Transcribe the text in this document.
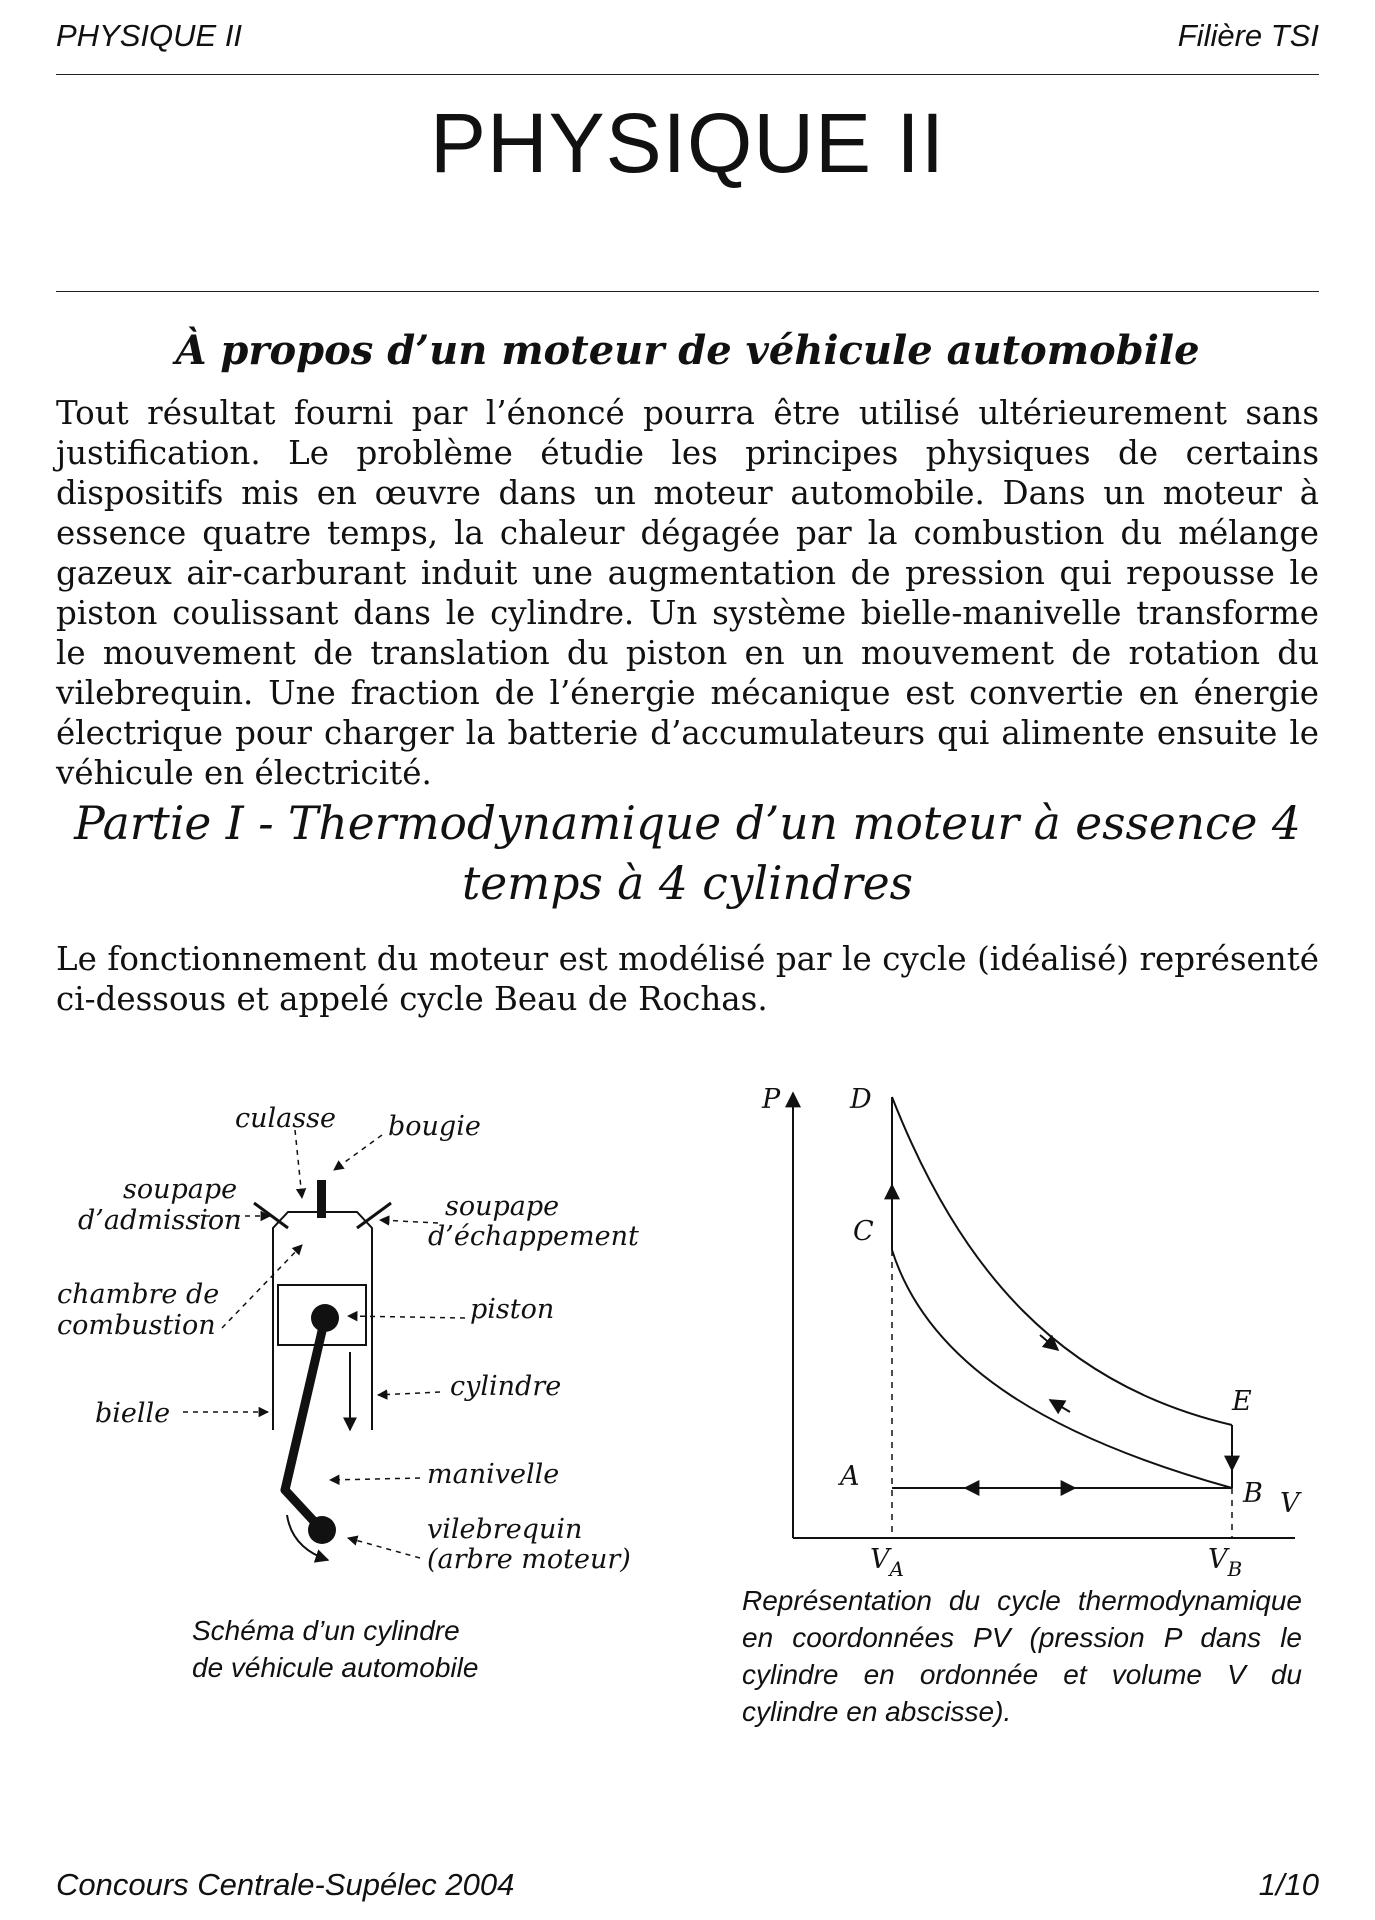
PHYSIQUE II	Filière TSI
PHYSIQUE II
À propos d’un moteur de véhicule automobile

Tout résultat fourni par l’énoncé pourra être utilisé ultérieurement sans justification. Le problème étudie les principes physiques de certains dispositifs mis en œuvre dans un moteur automobile. Dans un moteur à essence quatre temps, la chaleur dégagée par la combustion du mélange gazeux air-carburant induit une augmentation de pression qui repousse le piston coulissant dans le cylindre. Un système bielle-manivelle transforme le mouvement de translation du piston en un mouvement de rotation du vilebrequin. Une fraction de l’énergie mécanique est convertie en énergie électrique pour charger la batterie d’accumulateurs qui alimente ensuite le véhicule en électricité.

Partie I - Thermodynamique d’un moteur à essence 4
temps à 4 cylindres

Le fonctionnement du moteur est modélisé par le cycle (idéalisé) représenté ci-dessous et appelé cycle Beau de Rochas.

culasse bougie
soupape
d’admission	soupape
d’échappement
chambre de
combustion
piston
cylindre
bielle
manivelle
vilebrequin
(arbre moteur)
Schéma d’un cylindre
de véhicule automobile
P
V
D
C
E
A
B
$V_A$	$V_B$
Représentation du cycle thermodynamique en coordonnées PV (pression P dans le cylindre en ordonnée et volume V du cylindre en abscisse).
Concours Centrale-Supélec 2004	1/10
